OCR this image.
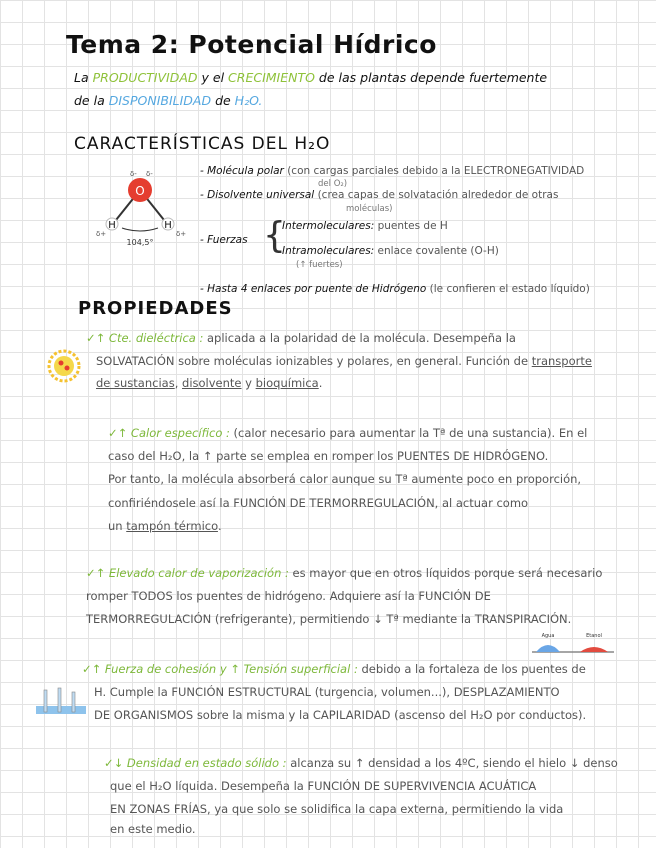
Tema 2: Potencial Hídrico
La PRODUCTIVIDAD y el CRECIMIENTO de las plantas depende fuertemente
de la DISPONIBILIDAD de H₂O.
CARACTERÍSTICAS DEL H₂O
O
δ- δ-
H	H
δ+	δ+
104,5°
- Molécula polar (con cargas parciales debido a la ELECTRONEGATIVIDAD
del O₂)
- Disolvente universal (crea capas de solvatación alrededor de otras
moléculas)
- Fuerzas {
Intermoleculares: puentes de H
Intramoleculares: enlace covalente (O-H)
(↑ fuertes)
- Hasta 4 enlaces por puente de Hidrógeno (le confieren el estado líquido)
PROPIEDADES
✓↑ Cte. dieléctrica : aplicada a la polaridad de la molécula. Desempeña la
SOLVATACIÓN sobre moléculas ionizables y polares, en general. Función de transporte
de sustancias, disolvente y bioquímica.
✓↑ Calor específico : (calor necesario para aumentar la Tª de una sustancia). En el
caso del H₂O, la ↑ parte se emplea en romper los PUENTES DE HIDRÓGENO.
Por tanto, la molécula absorberá calor aunque su Tª aumente poco en proporción,
confiriéndosele así la FUNCIÓN DE TERMORREGULACIÓN, al actuar como
un tampón térmico.
✓↑ Elevado calor de vaporización : es mayor que en otros líquidos porque será necesario
romper TODOS los puentes de hidrógeno. Adquiere así la FUNCIÓN DE
TERMORREGULACIÓN (refrigerante), permitiendo ↓ Tª mediante la TRANSPIRACIÓN.
Agua	Etanol
✓↑ Fuerza de cohesión y ↑ Tensión superficial : debido a la fortaleza de los puentes de
H. Cumple la FUNCIÓN ESTRUCTURAL (turgencia, volumen...), DESPLAZAMIENTO
DE ORGANISMOS sobre la misma y la CAPILARIDAD (ascenso del H₂O por conductos).
✓↓ Densidad en estado sólido : alcanza su ↑ densidad a los 4ºC, siendo el hielo ↓ denso
que el H₂O líquida. Desempeña la FUNCIÓN DE SUPERVIVENCIA ACUÁTICA
EN ZONAS FRÍAS, ya que solo se solidifica la capa externa, permitiendo la vida
en este medio.
